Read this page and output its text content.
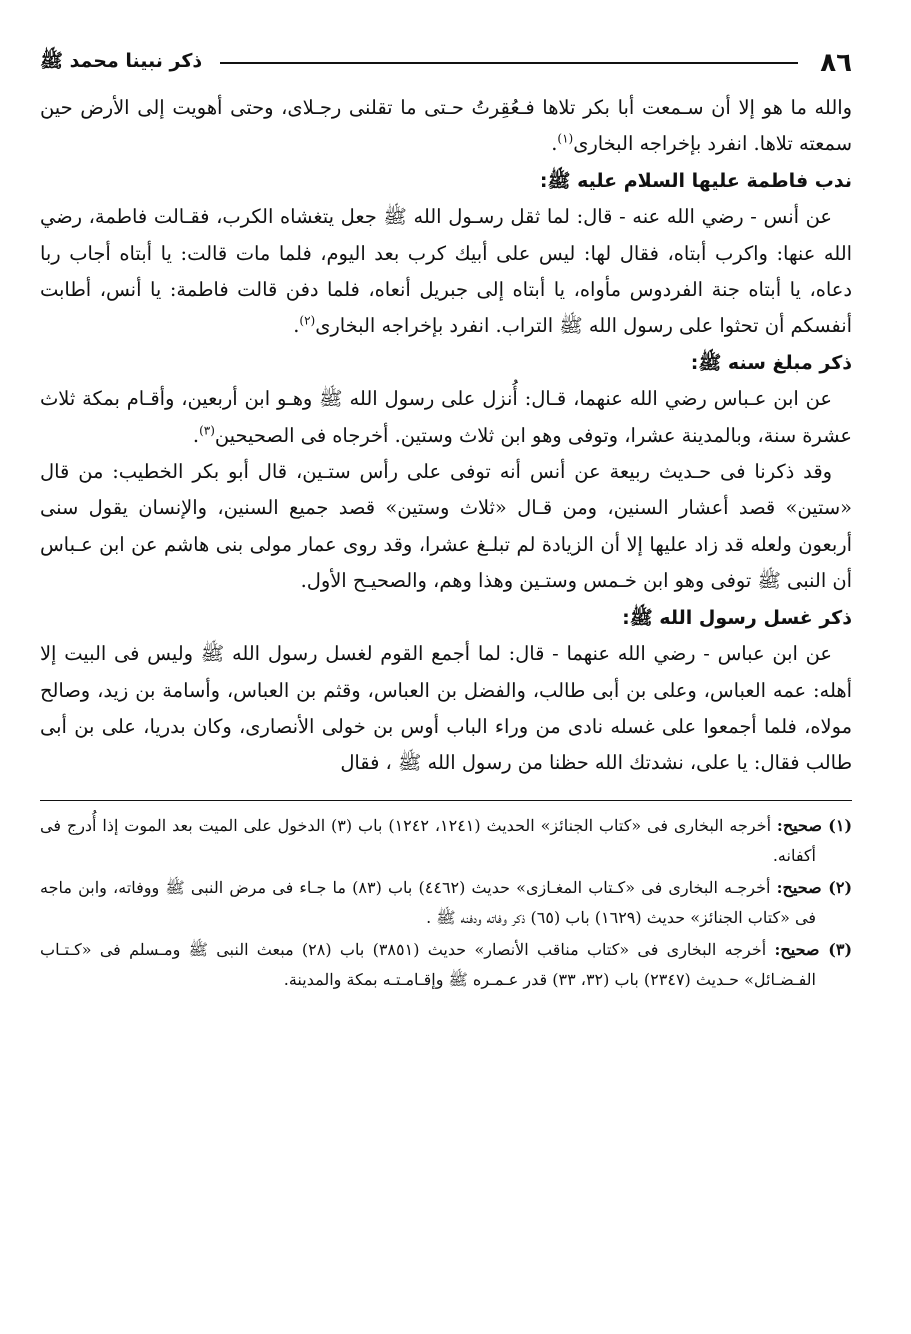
٨٦
ذكر نبينا محمد ﷺ

والله ما هو إلا أن سـمعت أبا بكر تلاها فـعُقِرتُ حـتى ما تقلنى رجـلاى، وحتى أهويت إلى الأرض حين سمعته تلاها. انفرد بإخراجه البخارى$^{(١)}$.

ندب فاطمة عليها السلام عليه ﷺ:

عن أنس - رضي الله عنه - قال: لما ثقل رسـول الله ﷺ جعل يتغشاه الكرب، فقـالت فاطمة، رضي الله عنها: واكرب أبتاه، فقال لها: ليس على أبيك كرب بعد اليوم، فلما مات قالت: يا أبتاه أجاب ربا دعاه، يا أبتاه جنة الفردوس مأواه، يا أبتاه إلى جبريل أنعاه، فلما دفن قالت فاطمة: يا أنس، أطابت أنفسكم أن تحثوا على رسول الله ﷺ التراب. انفرد بإخراجه البخارى$^{(٢)}$.

ذكر مبلغ سنه ﷺ:

عن ابن عـباس رضي الله عنهما، قـال: أُنزل على رسول الله ﷺ وهـو ابن أربعين، وأقـام بمكة ثلاث عشرة سنة، وبالمدينة عشرا، وتوفى وهو ابن ثلاث وستين. أخرجاه فى الصحيحين$^{(٣)}$.

وقد ذكرنا فى حـديث ربيعة عن أنس أنه توفى على رأس ستـين، قال أبو بكر الخطيب: من قال «ستين» قصد أعشار السنين، ومن قـال «ثلاث وستين» قصد جميع السنين، والإنسان يقول سنى أربعون ولعله قد زاد عليها إلا أن الزيادة لم تبلـغ عشرا، وقد روى عمار مولى بنى هاشم عن ابن عـباس أن النبى ﷺ توفى وهو ابن خـمس وستـين وهذا وهم، والصحيـح الأول.

ذكر غسل رسول الله ﷺ:

عن ابن عباس - رضي الله عنهما - قال: لما أجمع القوم لغسل رسول الله ﷺ وليس فى البيت إلا أهله: عمه العباس، وعلى بن أبى طالب، والفضل بن العباس، وقثم بن العباس، وأسامة بن زيد، وصالح مولاه، فلما أجمعوا على غسله نادى من وراء الباب أوس بن خولى الأنصارى، وكان بدريا، على بن أبى طالب فقال: يا على، نشدتك الله حظنا من رسول الله ﷺ ، فقال

(١) صحيح: أخرجه البخارى فى «كتاب الجنائز» الحديث (١٢٤١، ١٢٤٢) باب (٣) الدخول على الميت بعد الموت إذا أُدرج فى أكفانه.

(٢) صحيح: أخرجـه البخارى فى «كـتاب المغـازى» حديث (٤٤٦٢) باب (٨٣) ما جـاء فى مرض النبى ﷺ ووفاته، وابن ماجه فى «كتاب الجنائز» حديث (١٦٢٩) باب (٦٥) ذكر وفاته ودفنه ﷺ .

(٣) صحيح: أخرجه البخارى فى «كتاب مناقب الأنصار» حديث (٣٨٥١) باب (٢٨) مبعث النبى ﷺ ومـسلم فى «كـتـاب الفـضـائل» حـديث (٢٣٤٧) باب (٣٢، ٣٣) قدر عـمـره ﷺ وإقـامـتـه بمكة والمدينة.
